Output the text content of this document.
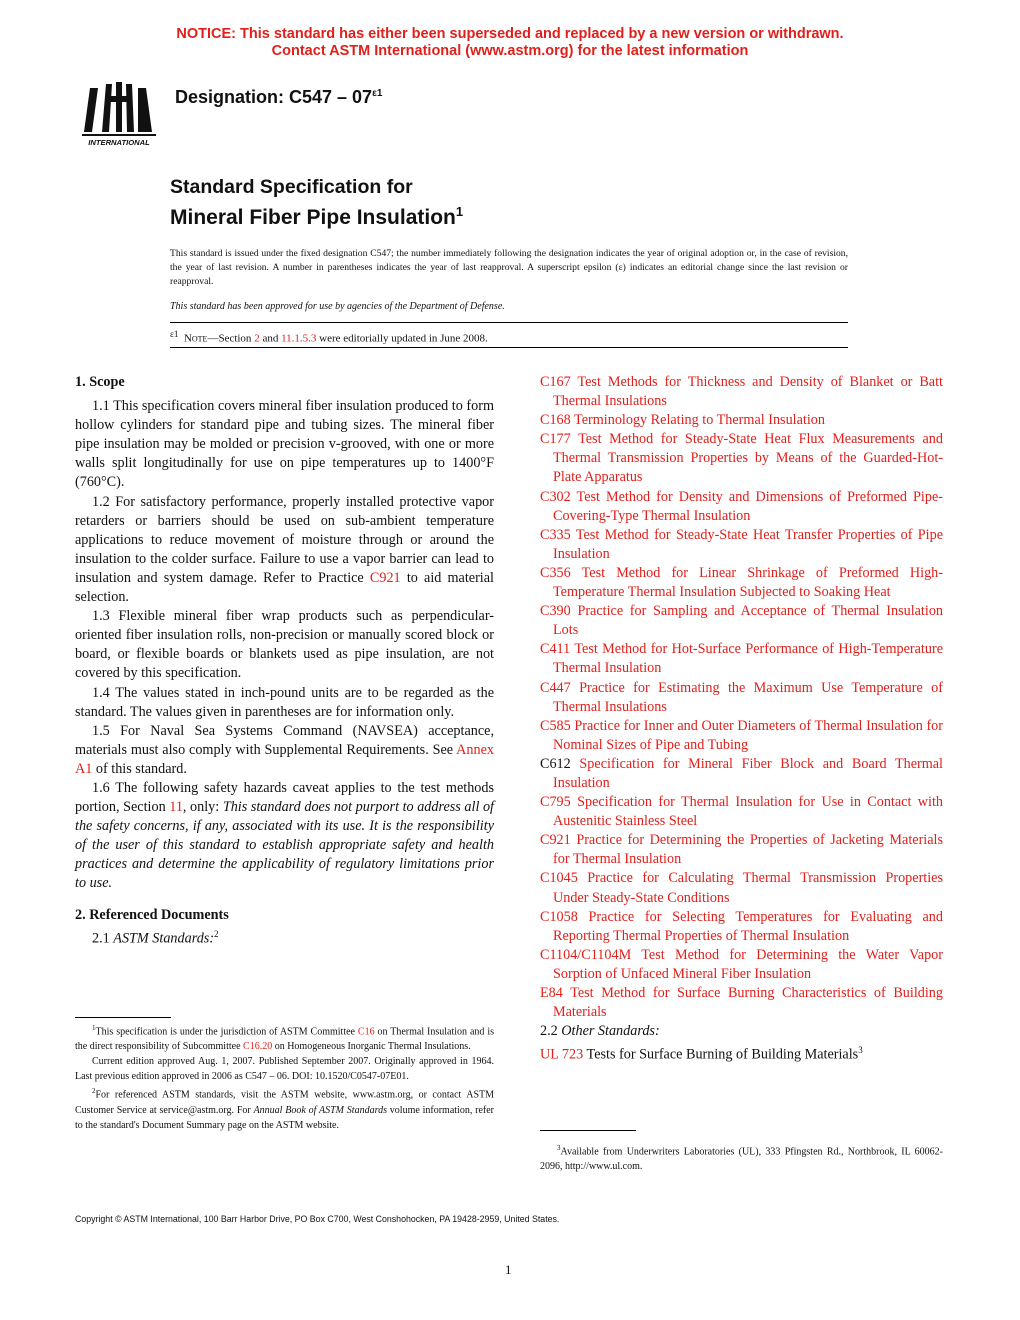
NOTICE: This standard has either been superseded and replaced by a new version or withdrawn.
Contact ASTM International (www.astm.org) for the latest information
INTERNATIONAL
Designation: $C547 - 07^{\varepsilon 1}$
Standard Specification for
Mineral Fiber Pipe Insulation$^1$
This standard is issued under the fixed designation C547; the number immediately following the designation indicates the year of original adoption or, in the case of revision, the year of last revision. A number in parentheses indicates the year of last reapproval. A superscript epsilon (ε) indicates an editorial change since the last revision or reapproval.
This standard has been approved for use by agencies of the Department of Defense.
$^{\varepsilon 1}$ Note—Section 2 and 11.1.5.3 were editorially updated in June 2008.

1. Scope

1.1 This specification covers mineral fiber insulation produced to form hollow cylinders for standard pipe and tubing sizes. The mineral fiber pipe insulation may be molded or precision v-grooved, with one or more walls split longitudinally for use on pipe temperatures up to 1400°F (760°C).

1.2 For satisfactory performance, properly installed protective vapor retarders or barriers should be used on sub-ambient temperature applications to reduce movement of moisture through or around the insulation to the colder surface. Failure to use a vapor barrier can lead to insulation and system damage. Refer to Practice C921 to aid material selection.

1.3 Flexible mineral fiber wrap products such as perpendicular-oriented fiber insulation rolls, non-precision or manually scored block or board, or flexible boards or blankets used as pipe insulation, are not covered by this specification.

1.4 The values stated in inch-pound units are to be regarded as the standard. The values given in parentheses are for information only.

1.5 For Naval Sea Systems Command (NAVSEA) acceptance, materials must also comply with Supplemental Requirements. See Annex A1 of this standard.

1.6 The following safety hazards caveat applies to the test methods portion, Section 11, only: This standard does not purport to address all of the safety concerns, if any, associated with its use. It is the responsibility of the user of this standard to establish appropriate safety and health practices and determine the applicability of regulatory limitations prior to use.

2. Referenced Documents

2.1 ASTM Standards:$^2$

C167 Test Methods for Thickness and Density of Blanket or Batt Thermal Insulations

C168 Terminology Relating to Thermal Insulation

C177 Test Method for Steady-State Heat Flux Measurements and Thermal Transmission Properties by Means of the Guarded-Hot-Plate Apparatus

C302 Test Method for Density and Dimensions of Preformed Pipe-Covering-Type Thermal Insulation

C335 Test Method for Steady-State Heat Transfer Properties of Pipe Insulation

C356 Test Method for Linear Shrinkage of Preformed High-Temperature Thermal Insulation Subjected to Soaking Heat

C390 Practice for Sampling and Acceptance of Thermal Insulation Lots

C411 Test Method for Hot-Surface Performance of High-Temperature Thermal Insulation

C447 Practice for Estimating the Maximum Use Temperature of Thermal Insulations

C585 Practice for Inner and Outer Diameters of Thermal Insulation for Nominal Sizes of Pipe and Tubing

C612 Specification for Mineral Fiber Block and Board Thermal Insulation

C795 Specification for Thermal Insulation for Use in Contact with Austenitic Stainless Steel

C921 Practice for Determining the Properties of Jacketing Materials for Thermal Insulation

C1045 Practice for Calculating Thermal Transmission Properties Under Steady-State Conditions

C1058 Practice for Selecting Temperatures for Evaluating and Reporting Thermal Properties of Thermal Insulation

C1104/C1104M Test Method for Determining the Water Vapor Sorption of Unfaced Mineral Fiber Insulation

E84 Test Method for Surface Burning Characteristics of Building Materials

2.2 Other Standards:

UL 723 Tests for Surface Burning of Building Materials$^3$

$^1$This specification is under the jurisdiction of ASTM Committee C16 on Thermal Insulation and is the direct responsibility of Subcommittee C16.20 on Homogeneous Inorganic Thermal Insulations.

Current edition approved Aug. 1, 2007. Published September 2007. Originally approved in 1964. Last previous edition approved in 2006 as C547 – 06. DOI: 10.1520/C0547-07E01.

$^2$For referenced ASTM standards, visit the ASTM website, www.astm.org, or contact ASTM Customer Service at service@astm.org. For Annual Book of ASTM Standards volume information, refer to the standard's Document Summary page on the ASTM website.

$^3$Available from Underwriters Laboratories (UL), 333 Pfingsten Rd., Northbrook, IL 60062-2096, http://www.ul.com.

Copyright © ASTM International, 100 Barr Harbor Drive, PO Box C700, West Conshohocken, PA 19428-2959, United States.
1
